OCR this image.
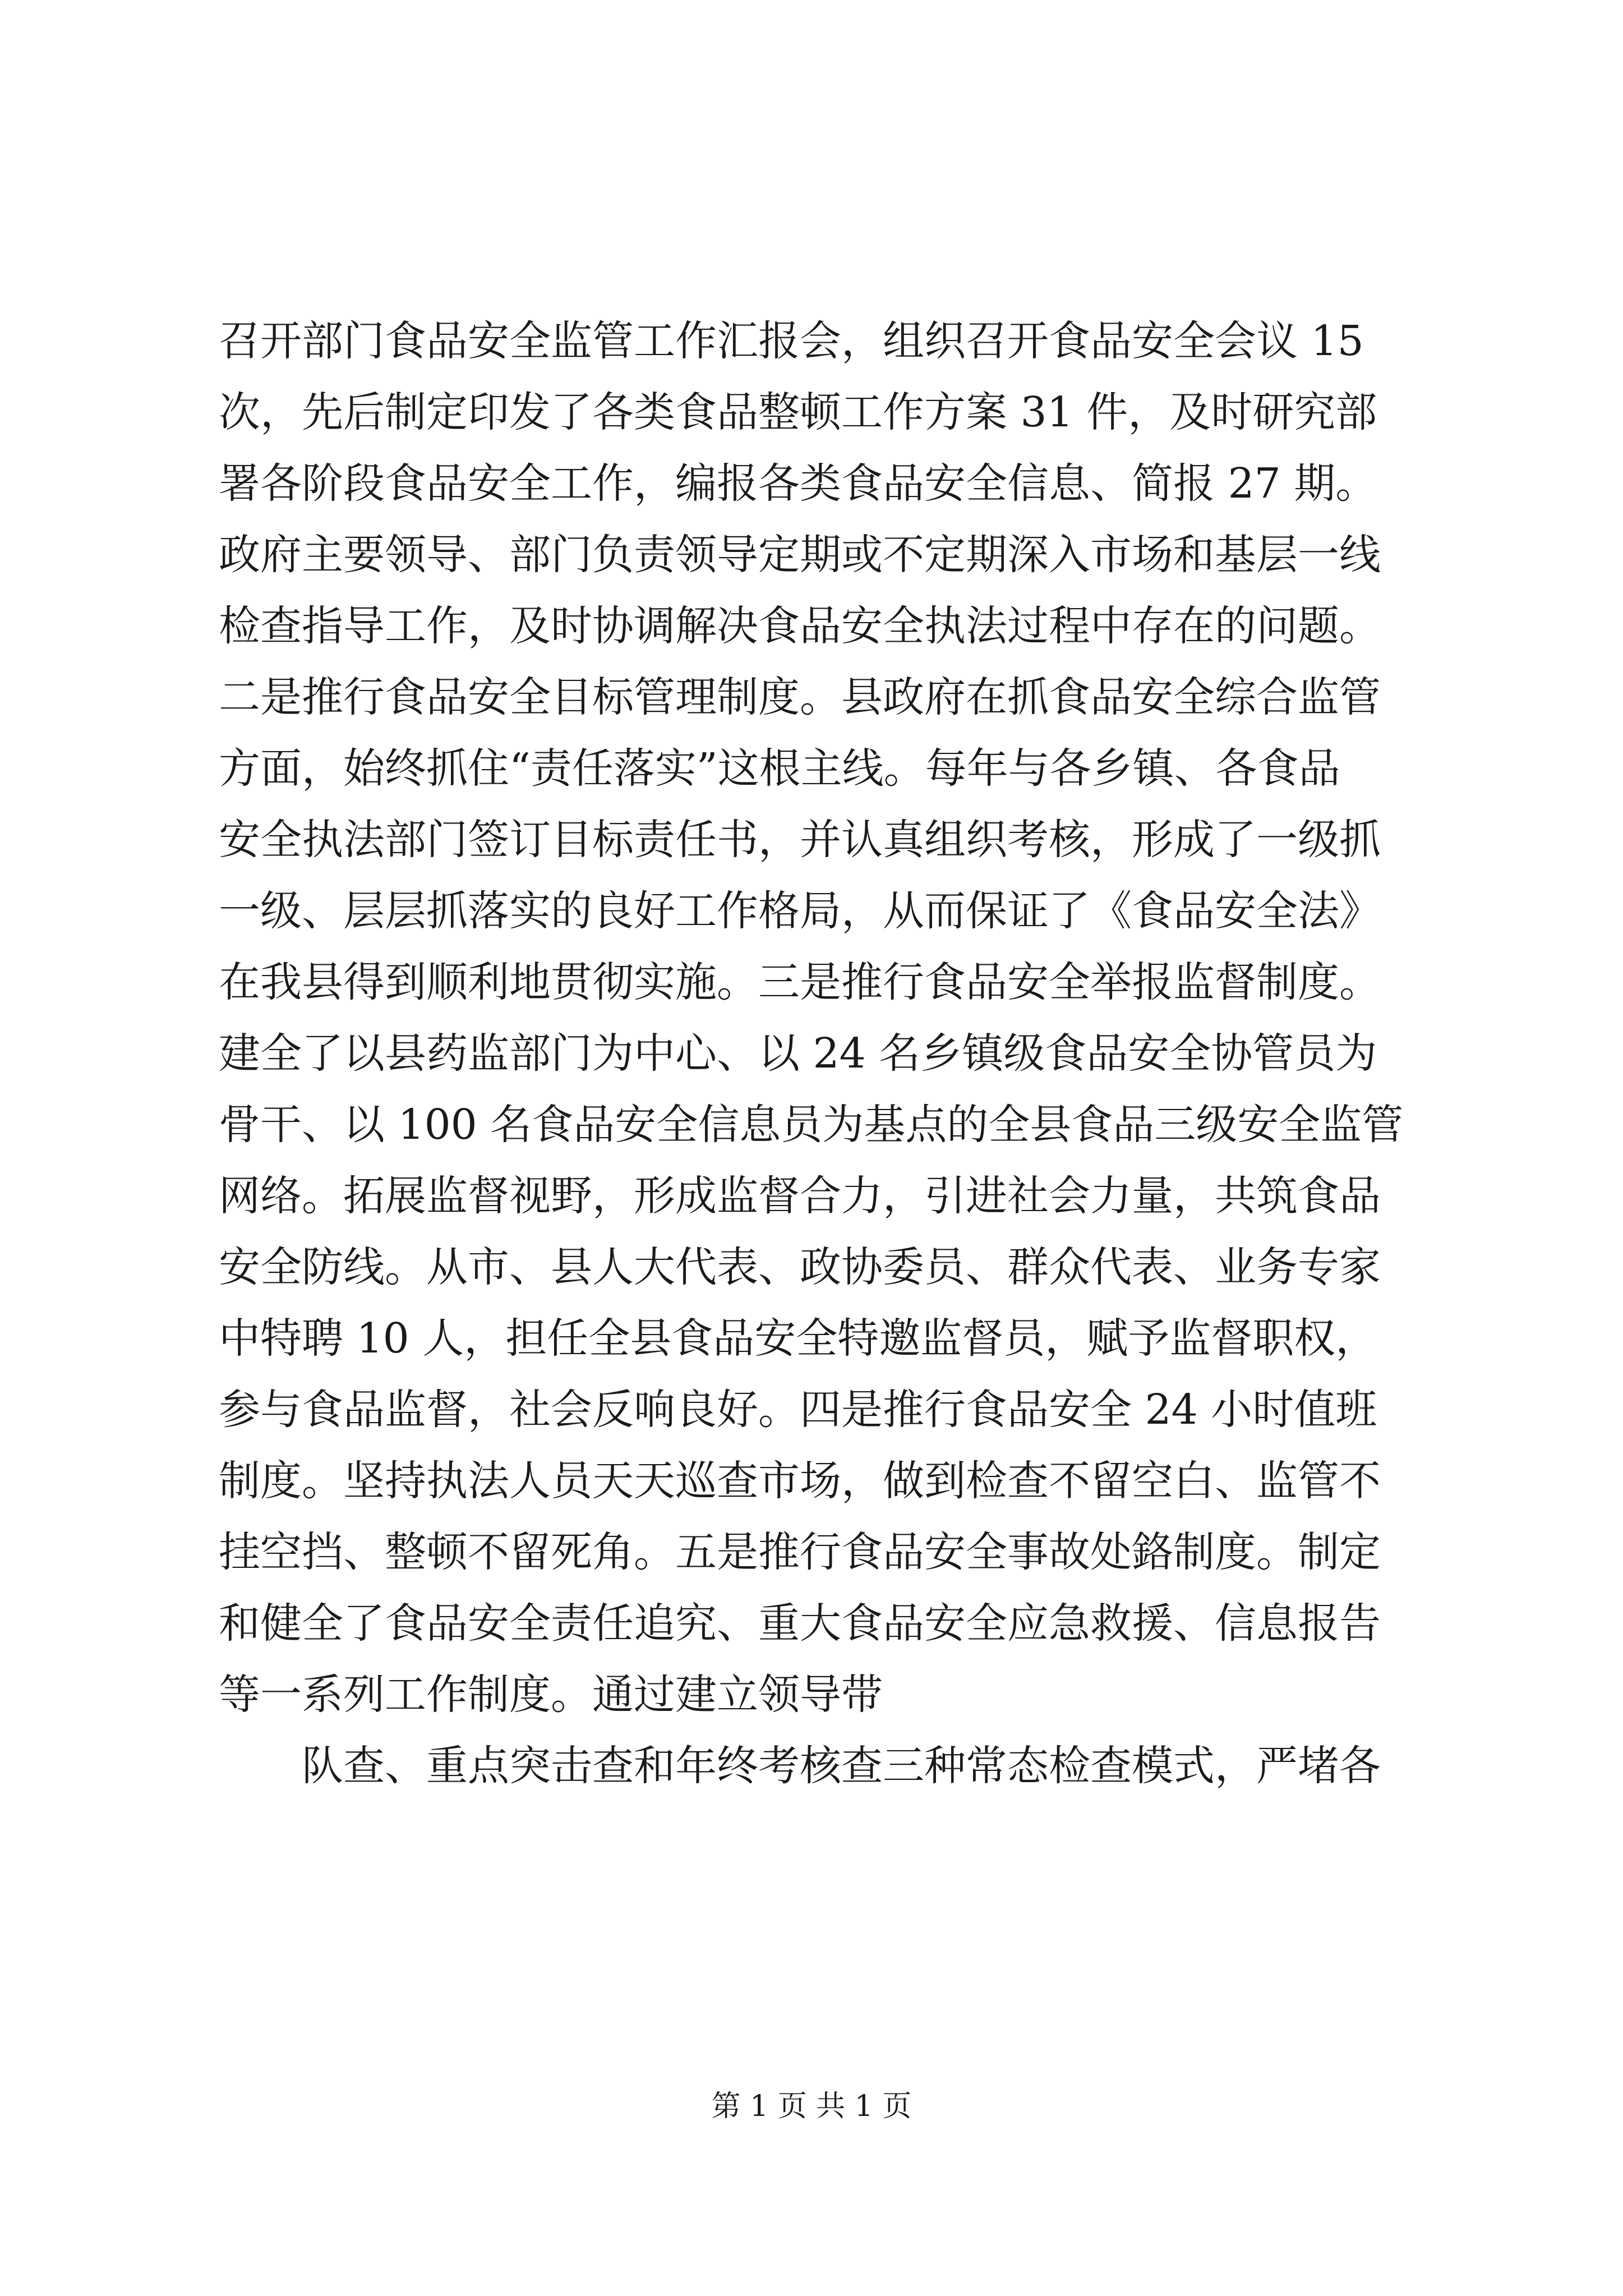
召开部门食品安全监管工作汇报会，组织召开食品安全会议 15
次，先后制定印发了各类食品整顿工作方案 31 件，及时研究部
署各阶段食品安全工作，编报各类食品安全信息、简报 27 期。
政府主要领导、部门负责领导定期或不定期深入市场和基层一线
检查指导工作，及时协调解决食品安全执法过程中存在的问题。
二是推行食品安全目标管理制度。县政府在抓食品安全综合监管
方面，始终抓住“责任落实”这根主线。每年与各乡镇、各食品
安全执法部门签订目标责任书，并认真组织考核，形成了一级抓
一级、层层抓落实的良好工作格局，从而保证了《食品安全法》
在我县得到顺利地贯彻实施。三是推行食品安全举报监督制度。
建全了以县药监部门为中心、以 24 名乡镇级食品安全协管员为
骨干、以 100 名食品安全信息员为基点的全县食品三级安全监管
网络。拓展监督视野，形成监督合力，引进社会力量，共筑食品
安全防线。从市、县人大代表、政协委员、群众代表、业务专家
中特聘 10 人，担任全县食品安全特邀监督员，赋予监督职权，
参与食品监督，社会反响良好。四是推行食品安全 24 小时值班
制度。坚持执法人员天天巡查市场，做到检查不留空白、监管不
挂空挡、整顿不留死角。五是推行食品安全事故处鉻制度。制定
和健全了食品安全责任追究、重大食品安全应急救援、信息报告
等一系列工作制度。通过建立领导带
队查、重点突击查和年终考核查三种常态检查模式，严堵各
第 1 页 共 1 页
